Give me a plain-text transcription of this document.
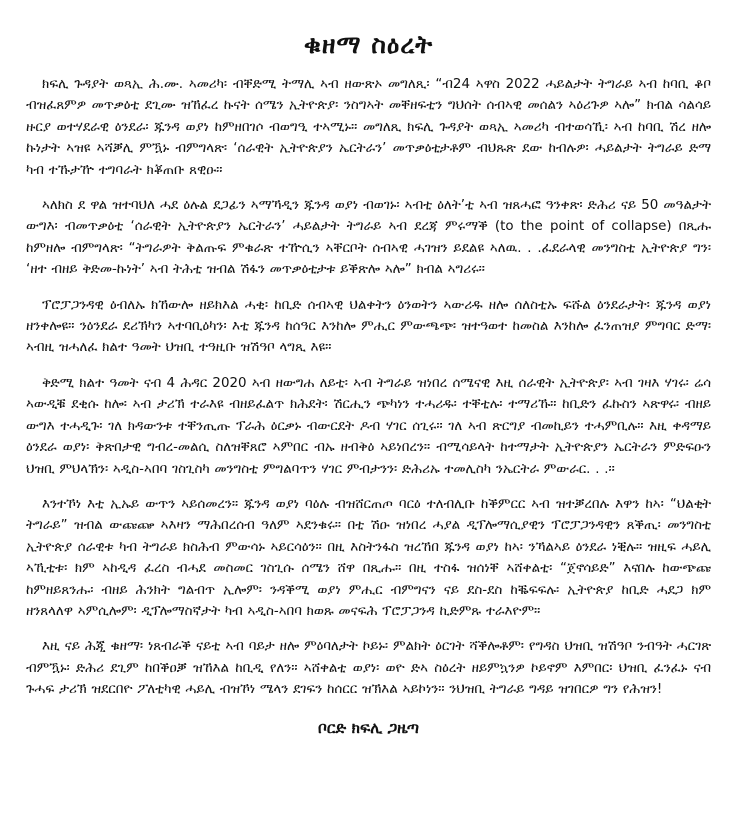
ቁዘማ ስዕረት
ክፍሊ ጉዳያት ወጻኢ ሕ.ሙ. ኣመሪካ፡ ብቐድሚ ትማሊ ኣብ ዘውጽኦ መግለጺ፡ “ብ24 ኣዋስ 2022 ሓይልታት ትግራይ ኣብ ከባቢ ቆቦ ብዝፈጸምዎ መጥቃዕቲ ደጊሙ ዝኸፈረ ኩናት ሰሜን ኢትዮጵያ፡ ንስግኣት መቐዘፍቲን ግህሰት ሰብኣዊ መሰልን ኣዕሪጉዎ ኣሎ” ክብል ሳልሳይ ዙርያ ወተሃደራዊ ዕንደራ፡ ጁንዳ ወያነ ከምዘበገሶ ብወግዒ ተኣሚኑ። መግለጺ ክፍሊ ጉዳያት ወጻኢ ኣመሪካ ብተወሳኺ፡ ኣብ ከባቢ ሽረ ዘሎ ኩነታት ኣዝዩ ኣሻቓሊ ምዃኑ ብምግላጽ፡ ‘ሰራዊት ኢትዮጵያን ኤርትራን’ መጥቃዕቲታቶም ብህጹጽ ደው ከብሉዎ፡ ሓይልታት ትግራይ ድማ ካብ ተኹታዅ ተግባራት ክቖጠቡ ጸዊዑ።
ኣለክስ ደ ዋል ዝተባህለ ሓደ ዕሉል ደጋፊን ኣማኻዲን ጁንዳ ወያነ ብወገኑ፡ ኣብቲ ዕለት’ቲ ኣብ ዝጸሓፎ ዓንቀጽ፡ ድሕሪ ናይ 50 መዓልታት ውግእ፡ ብመጥቃዕቲ ‘ሰራዊት ኢትዮጵያን ኤርትራን’ ሓይልታት ትግራይ ኣብ ደረጃ ምሩማቕ (to the point of collapse) በጺሑ ከምዘሎ ብምግላጽ፡ “ትግራዎት ቅልጡፍ ምቁራጽ ተዅሲን ኣቐርቦት ሰብኣዊ ሓገዝን ይደልዩ ኣለዉ. . .ፈደራላዊ መንግስቲ ኢትዮጵያ ግን፡ ‘ዘተ ብዘይ ቅድመ-ኩነት’ ኣብ ትሕቲ ዝብል ሽፋን መጥቃዕቲታቱ ይቕጽሎ ኣሎ” ክብል ኣግሪሩ።
ፕሮፓጋንዳዊ ዕብለኡ ክኸውሎ ዘይክእል ሓቂ፡ ከቢድ ሰብኣዊ ህልቀትን ዕንወትን ኣውሪዱ ዘሎ ሰለስቲኡ ፍሹል ዕንደራታት፡ ጁንዳ ወያነ ዘንቀሎዩ። ንዕንደራ ደሪኽካን ኣተባቢዕካን፡ እቲ ጁንዳ ከሰዓር እንከሎ ምሒር ምውጫጭ፡ ዝተዓወተ ከመስል እንከሎ ፈንጠዝያ ምግባር ድማ፡ ኣብዚ ዝሓለፈ ክልተ ዓመት ህዝቢ ተዓዚቡ ዝሽዓቦ ላግጺ እዩ።
ቅድሚ ክልተ ዓመት ናብ 4 ሕዳር 2020 ኣብ ዘውግሐ ለይቲ፡ ኣብ ትግራይ ዝነበረ ሰሜናዊ እዚ ሰራዊት ኢትዮጵያ፡ ኣብ ገዛእ ሃገሩ፡ ሬሳ ኣውዲቑ ደቂሱ ከሎ፡ ኣብ ታሪኽ ተራእዩ ብዘይፈልጥ ክሕደት፡ ሽርሒን ጭካነን ተሓሪዱ፡ ተቐቲሉ፡ ተማሪኹ። ከቢድን ፈኩስን ኣጽዋሩ፡ ብዘይ ውግእ ተሓዲጉ፡ ገለ ክዳውንቱ ተቐንጢጡ ፕራሕ ዕርቃኑ ብውርደት ዶብ ሃገር ሰጊሩ። ገለ ኣብ ጽርግያ ብመኪይን ተሓምቢሉ። እዚ ቀዳማይ ዕንደራ ወያነ፡ ቅጽበታዊ ግብረ-መልሲ ስለዝቐጸሮ ኣምበር ብኡ ዘብቅዕ ኣይነበረን። ብሚሳይላት ከተማታት ኢትዮጵያን ኤርትራን ምድፍዑን ህዝቢ ምህላኽን፡ ኣዲስ-ኣበባ ገስጊስካ መንግስቲ ምግልባጥን ሃገር ምብታንን፡ ድሕሪኡ ተመሊስካ ንኤርትራ ምውራር. . .።
እንተኾነ እቲ ኢኡይ ውጥን ኣይሰመረን። ጁንዳ ወያነ ባዕሉ ብዝሸርጠጦ ባርዕ ተለብሊቡ ከቕምርር ኣብ ዝተቓረበሉ እዋን ከኣ፡ “ህልቂት ትግራይ” ዝብል ውጩጬ ኣእዛን ማሕበረሰብ ዓለም ኣደንቁሩ። በቲ ሽዑ ዝነበረ ሓያል ዲፕሎማሲያዊን ፕሮፓጋንዳዊን ጸቕጢ፡ መንግስቲ ኢትዮጵያ ሰራዊቱ ካብ ትግራይ ክስሕብ ምውሳኑ ኣይርሳዕን። በዚ እስትንፋስ ዝረኸበ ጁንዳ ወያነ ከኣ፡ ንኻልኣይ ዕንደራ ነቒሉ። ዝዚፍ ሓይሊ ኣኺቲቱ፡ ክም ኣከዲዳ ፈረስ ብሓደ መስመር ገስጊሱ ሰሜን ሸዋ በጺሑ። በዚ ተስፋ ዝሰነቐ ኣሸቀልቲ፡ “ጀኖሳይድ” እናበሉ ከውጭጩ ከምዘይጸንሑ፡ ብዘይ ሕንክት ግልብጥ ኢሎም፡ ንዳቕሚ ወያነ ምሒር ብምግናን ናይ ደስ-ደስ ከቘፍፍሉ፡ ኢትዮጵያ ከቢድ ሓደጋ ክም ዘንጸላለዋ ኣምሲሎም፡ ዲፕሎማስኛታት ካብ ኣዲስ-ኣበባ ክወጹ መናፍሕ ፕሮፓጋንዳ ኪድምጹ ተራእዮም።
እዚ ናይ ሕጂ ቁዘማ፡ ነጸብራቕ ናይቲ ኣብ ባይታ ዘሎ ምዕባለታት ኮይኑ፡ ምልክት ዕርገት ሻቕሎቶም፡ የግዳስ ህዝቢ ዝሽዓቦ ንብዓት ሓርገጽ ብምዃኑ፡ ድሕሪ ደጊም ከበቕዐቓ ዝኸእል ከቢዲ የለን። ኣሸቀልቲ ወያነ፡ ወዮ ድኣ ስዕረት ዘይምኳንዎ ኮይኖም እምበር፡ ህዝቢ ፈንፈኑ ናብ ጉሓፍ ታሪኽ ዝደርበዮ ፖለቲካዊ ሓይሊ ብዝኾነ ሜላን ደገፍን ከሰርር ዝኽእል ኣይኮነን። ንህዝቢ ትግራይ ግዳይ ዝገበርዎ ግን የሕዝን!
ቦርድ ክፍሊ ጋዜጣ
